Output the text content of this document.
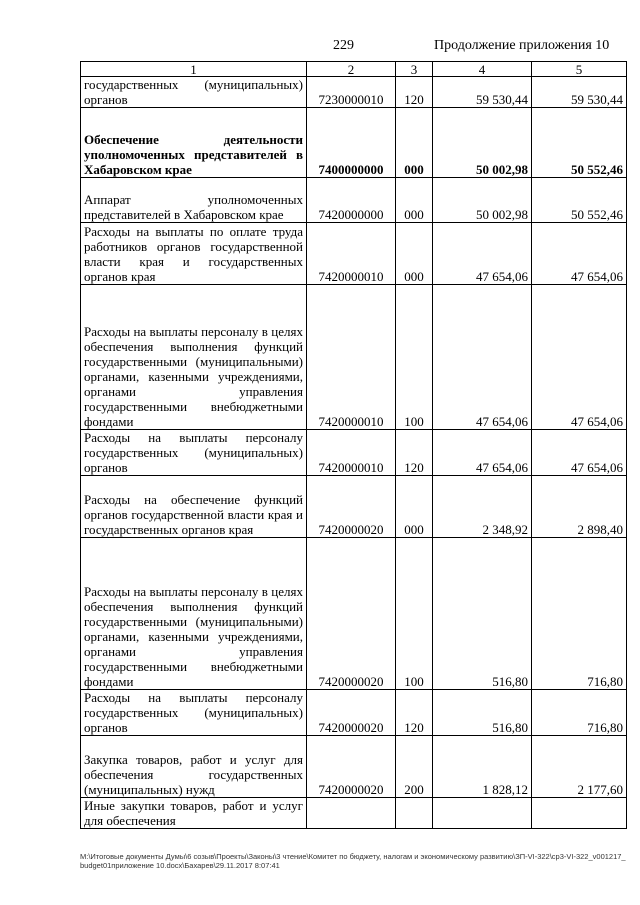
229	Продолжение приложения 10
1	2	3	4	5
государственных (муниципальных) органов	7230000010	120	59 530,44	59 530,44
Обеспечение деятельности уполномоченных представителей в Хабаровском крае	7400000000	000	50 002,98	50 552,46
Аппарат уполномоченных представителей в Хабаровском крае	7420000000	000	50 002,98	50 552,46
Расходы на выплаты по оплате труда работников органов государственной власти края и государственных органов края	7420000010	000	47 654,06	47 654,06
Расходы на выплаты персоналу в целях обеспечения выполнения функций государственными (муниципальными) органами, казенными учреждениями, органами управления государственными внебюджетными фондами	7420000010	100	47 654,06	47 654,06
Расходы на выплаты персоналу государственных (муниципальных) органов	7420000010	120	47 654,06	47 654,06
Расходы на обеспечение функций органов государственной власти края и государственных органов края	7420000020	000	2 348,92	2 898,40
Расходы на выплаты персоналу в целях обеспечения выполнения функций государственными (муниципальными) органами, казенными учреждениями, органами управления государственными внебюджетными фондами	7420000020	100	516,80	716,80
Расходы на выплаты персоналу государственных (муниципальных) органов	7420000020	120	516,80	716,80
Закупка товаров, работ и услуг для обеспечения государственных (муниципальных) нужд	7420000020	200	1 828,12	2 177,60
Иные закупки товаров, работ и услуг для обеспечения				
M:\Итоговые документы Думы\6 созыв\Проекты\Законы\3 чтение\Комитет по бюджету, налогам и экономическому развитию\ЗП-VI-322\ср3-VI-322_v001217_budget01приложение 10.docx\Бахарев\29.11.2017 8:07:41
